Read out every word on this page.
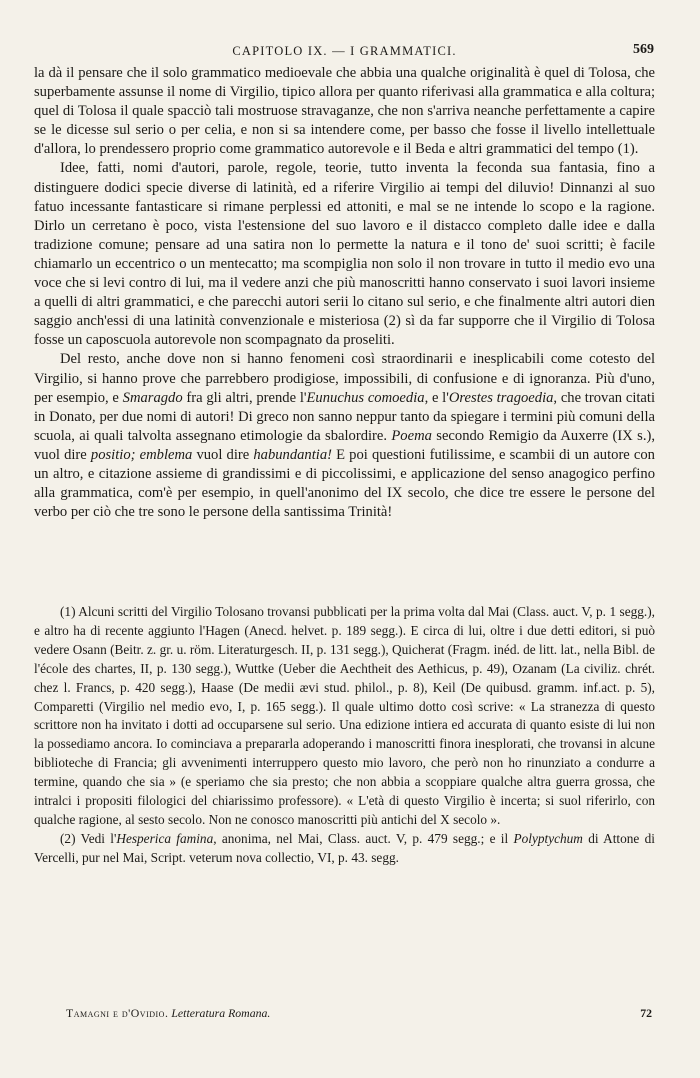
CAPITOLO IX. — I GRAMMATICI.	569

la dà il pensare che il solo grammatico medioevale che abbia una qualche originalità è quel di Tolosa, che superbamente assunse il nome di Virgilio, tipico allora per quanto riferivasi alla grammatica e alla coltura; quel di Tolosa il quale spacciò tali mostruose stravaganze, che non s'arriva neanche perfettamente a capire se le dicesse sul serio o per celia, e non si sa intendere come, per basso che fosse il livello intellettuale d'allora, lo prendessero proprio come grammatico autorevole e il Beda e altri grammatici del tempo (1).

Idee, fatti, nomi d'autori, parole, regole, teorie, tutto inventa la feconda sua fantasia, fino a distinguere dodici specie diverse di latinità, ed a riferire Virgilio ai tempi del diluvio! Dinnanzi al suo fatuo incessante fantasticare si rimane perplessi ed attoniti, e mal se ne intende lo scopo e la ragione. Dirlo un cerretano è poco, vista l'estensione del suo lavoro e il distacco completo dalle idee e dalla tradizione comune; pensare ad una satira non lo permette la natura e il tono de' suoi scritti; è facile chiamarlo un eccentrico o un mentecatto; ma scompiglia non solo il non trovare in tutto il medio evo una voce che si levi contro di lui, ma il vedere anzi che più manoscritti hanno conservato i suoi lavori insieme a quelli di altri grammatici, e che parecchi autori serii lo citano sul serio, e che finalmente altri autori dien saggio anch'essi di una latinità convenzionale e misteriosa (2) sì da far supporre che il Virgilio di Tolosa fosse un caposcuola autorevole non scompagnato da proseliti.

Del resto, anche dove non si hanno fenomeni così straordinarii e inesplicabili come cotesto del Virgilio, si hanno prove che parrebbero prodigiose, impossibili, di confusione e di ignoranza. Più d'uno, per esempio, e Smaragdo fra gli altri, prende l'Eunuchus comoedia, e l'Orestes tragoedia, che trovan citati in Donato, per due nomi di autori! Di greco non sanno neppur tanto da spiegare i termini più comuni della scuola, ai quali talvolta assegnano etimologie da sbalordire. Poema secondo Remigio da Auxerre (IX s.), vuol dire positio; emblema vuol dire habundantia! E poi questioni futilissime, e scambii di un autore con un altro, e citazione assieme di grandissimi e di piccolissimi, e applicazione del senso anagogico perfino alla grammatica, com'è per esempio, in quell'anonimo del IX secolo, che dice tre essere le persone del verbo per ciò che tre sono le persone della santissima Trinità!

(1) Alcuni scritti del Virgilio Tolosano trovansi pubblicati per la prima volta dal Mai (Class. auct. V, p. 1 segg.), e altro ha di recente aggiunto l'Hagen (Anecd. helvet. p. 189 segg.). E circa di lui, oltre i due detti editori, si può vedere Osann (Beitr. z. gr. u. röm. Literaturgesch. II, p. 131 segg.), Quicherat (Fragm. inéd. de litt. lat., nella Bibl. de l'école des chartes, II, p. 130 segg.), Wuttke (Ueber die Aechtheit des Aethicus, p. 49), Ozanam (La civiliz. chrét. chez l. Francs, p. 420 segg.), Haase (De medii ævi stud. philol., p. 8), Keil (De quibusd. gramm. inf.act. p. 5), Comparetti (Virgilio nel medio evo, I, p. 165 segg.). Il quale ultimo dotto così scrive: « La stranezza di questo scrittore non ha invitato i dotti ad occuparsene sul serio. Una edizione intiera ed accurata di quanto esiste di lui non la possediamo ancora. Io cominciava a prepararla adoperando i manoscritti finora inesplorati, che trovansi in alcune biblioteche di Francia; gli avvenimenti interruppero questo mio lavoro, che però non ho rinunziato a condurre a termine, quando che sia » (e speriamo che sia presto; che non abbia a scoppiare qualche altra guerra grossa, che intralci i propositi filologici del chiarissimo professore). « L'età di questo Virgilio è incerta; si suol riferirlo, con qualche ragione, al sesto secolo. Non ne conosco manoscritti più antichi del X secolo ».

(2) Vedi l'Hesperica famina, anonima, nel Mai, Class. auct. V, p. 479 segg.; e il Polyptychum di Attone di Vercelli, pur nel Mai, Script. veterum nova collectio, VI, p. 43. segg.

Tamagni e d'Ovidio. Letteratura Romana.	72
